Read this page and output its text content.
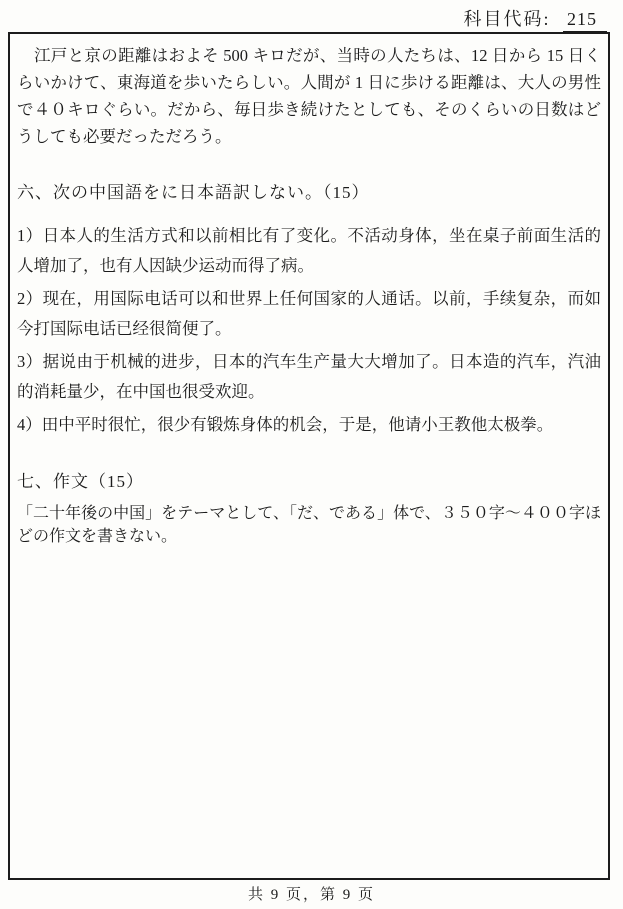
科目代码: 215

江戸と京の距離はおよそ 500 キロだが、当時の人たちは、12 日から 15 日くらいかけて、東海道を歩いたらしい。人間が 1 日に歩ける距離は、大人の男性で４０キロぐらい。だから、毎日歩き続けたとしても、そのくらいの日数はどうしても必要だっただろう。

六、次の中国語をに日本語訳しない。（15）

1）日本人的生活方式和以前相比有了变化。不活动身体，坐在桌子前面生活的人增加了，也有人因缺少运动而得了病。

2）现在，用国际电话可以和世界上任何国家的人通话。以前，手续复杂，而如今打国际电话已经很简便了。

3）据说由于机械的进步，日本的汽车生产量大大增加了。日本造的汽车，汽油的消耗量少，在中国也很受欢迎。

4）田中平时很忙，很少有锻炼身体的机会，于是，他请小王教他太极拳。

七、作文（15）

「二十年後の中国」をテーマとして、「だ、である」体で、３５０字～４００字ほどの作文を書きない。

共 9 页，第 9 页
